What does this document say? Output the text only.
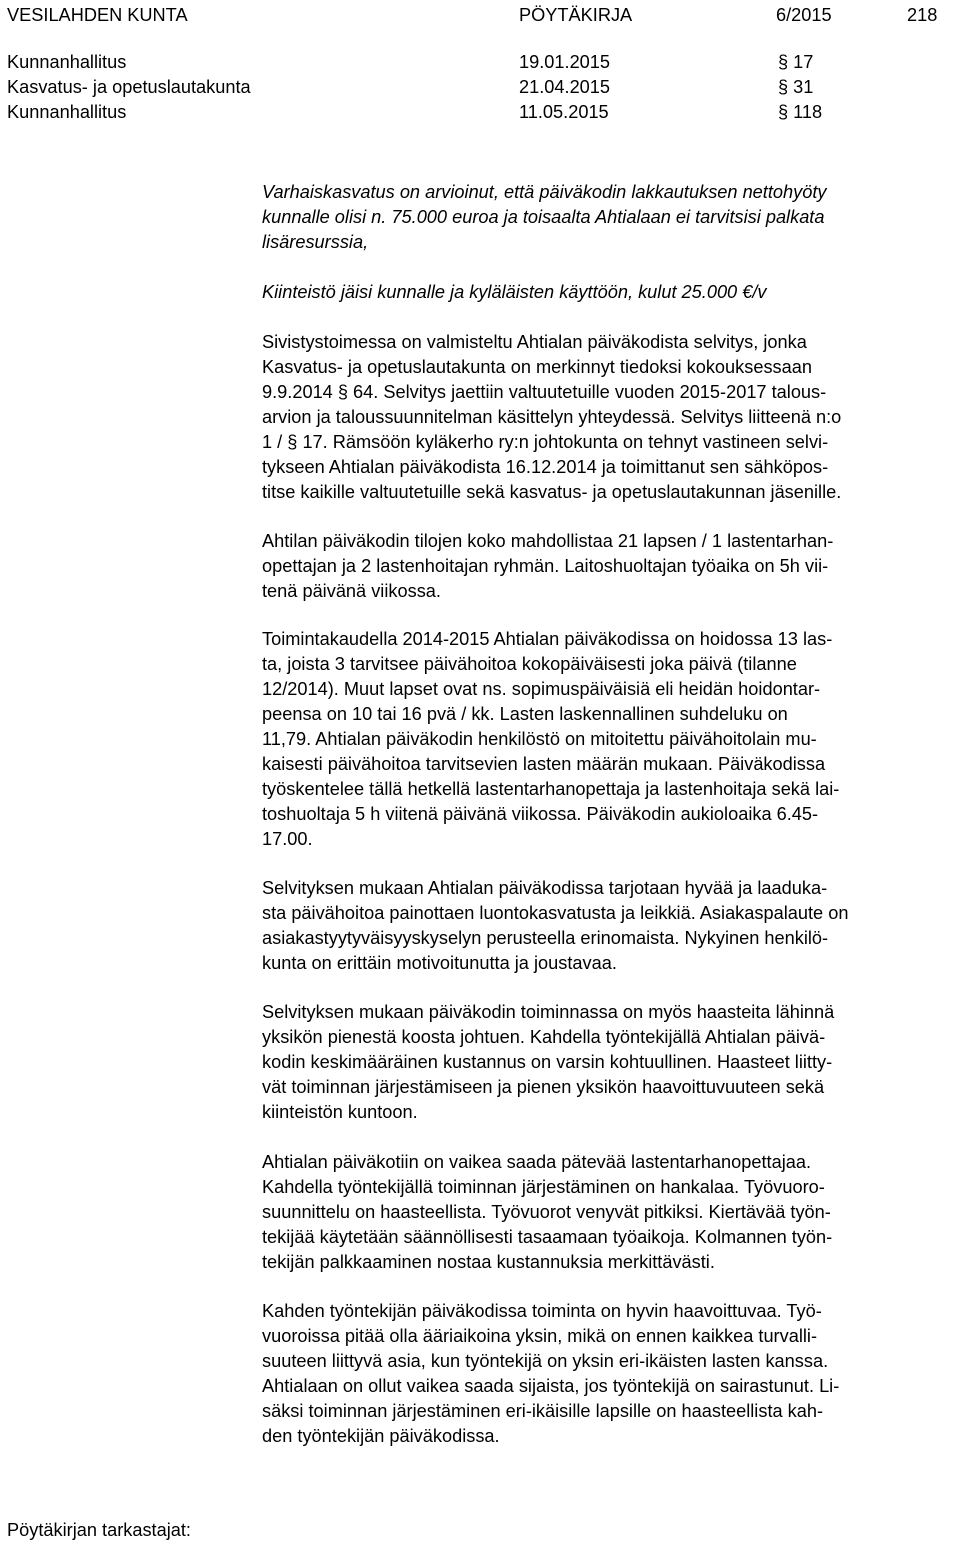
VESILAHDEN KUNTA	PÖYTÄKIRJA	6/2015	218
Kunnanhallitus	19.01.2015	§ 17
Kasvatus- ja opetuslautakunta	21.04.2015	§ 31
Kunnanhallitus	11.05.2015	§ 118
Varhaiskasvatus on arvioinut, että päiväkodin lakkautuksen nettohyöty
kunnalle olisi n. 75.000 euroa ja toisaalta Ahtialaan ei tarvitsisi palkata
lisäresurssia,
Kiinteistö jäisi kunnalle ja kyläläisten käyttöön, kulut 25.000 €/v
Sivistystoimessa on valmisteltu Ahtialan päiväkodista selvitys, jonka
Kasvatus- ja opetuslautakunta on merkinnyt tiedoksi kokouksessaan
9.9.2014 § 64. Selvitys jaettiin valtuutetuille vuoden 2015-2017 talous-
arvion ja taloussuunnitelman käsittelyn yhteydessä. Selvitys liitteenä n:o
1 / § 17. Rämsöön kyläkerho ry:n johtokunta on tehnyt vastineen selvi-
tykseen Ahtialan päiväkodista 16.12.2014 ja toimittanut sen sähköpos-
titse kaikille valtuutetuille sekä kasvatus- ja opetuslautakunnan jäsenille.
Ahtilan päiväkodin tilojen koko mahdollistaa 21 lapsen / 1 lastentarhan-
opettajan ja 2 lastenhoitajan ryhmän. Laitoshuoltajan työaika on 5h vii-
tenä päivänä viikossa.
Toimintakaudella 2014-2015 Ahtialan päiväkodissa on hoidossa 13 las-
ta, joista 3 tarvitsee päivähoitoa kokopäiväisesti joka päivä (tilanne
12/2014). Muut lapset ovat ns. sopimuspäiväisiä eli heidän hoidontar-
peensa on 10 tai 16 pvä / kk. Lasten laskennallinen suhdeluku on
11,79. Ahtialan päiväkodin henkilöstö on mitoitettu päivähoitolain mu-
kaisesti päivähoitoa tarvitsevien lasten määrän mukaan. Päiväkodissa
työskentelee tällä hetkellä lastentarhanopettaja ja lastenhoitaja sekä lai-
toshuoltaja 5 h viitenä päivänä viikossa. Päiväkodin aukioloaika 6.45-
17.00.
Selvityksen mukaan Ahtialan päiväkodissa tarjotaan hyvää ja laaduka-
sta päivähoitoa painottaen luontokasvatusta ja leikkiä. Asiakaspalaute on
asiakastyytyväisyyskyselyn perusteella erinomaista. Nykyinen henkilö-
kunta on erittäin motivoitunutta ja joustavaa.
Selvityksen mukaan päiväkodin toiminnassa on myös haasteita lähinnä
yksikön pienestä koosta johtuen. Kahdella työntekijällä Ahtialan päivä-
kodin keskimääräinen kustannus on varsin kohtuullinen. Haasteet liitty-
vät toiminnan järjestämiseen ja pienen yksikön haavoittuvuuteen sekä
kiinteistön kuntoon.
Ahtialan päiväkotiin on vaikea saada pätevää lastentarhanopettajaa.
Kahdella työntekijällä toiminnan järjestäminen on hankalaa. Työvuoro-
suunnittelu on haasteellista. Työvuorot venyvät pitkiksi. Kiertävää työn-
tekijää käytetään säännöllisesti tasaamaan työaikoja. Kolmannen työn-
tekijän palkkaaminen nostaa kustannuksia merkittävästi.
Kahden työntekijän päiväkodissa toiminta on hyvin haavoittuvaa. Työ-
vuoroissa pitää olla ääriaikoina yksin, mikä on ennen kaikkea turvalli-
suuteen liittyvä asia, kun työntekijä on yksin eri-ikäisten lasten kanssa.
Ahtialaan on ollut vaikea saada sijaista, jos työntekijä on sairastunut. Li-
säksi toiminnan järjestäminen eri-ikäisille lapsille on haasteellista kah-
den työntekijän päiväkodissa.
Pöytäkirjan tarkastajat:
